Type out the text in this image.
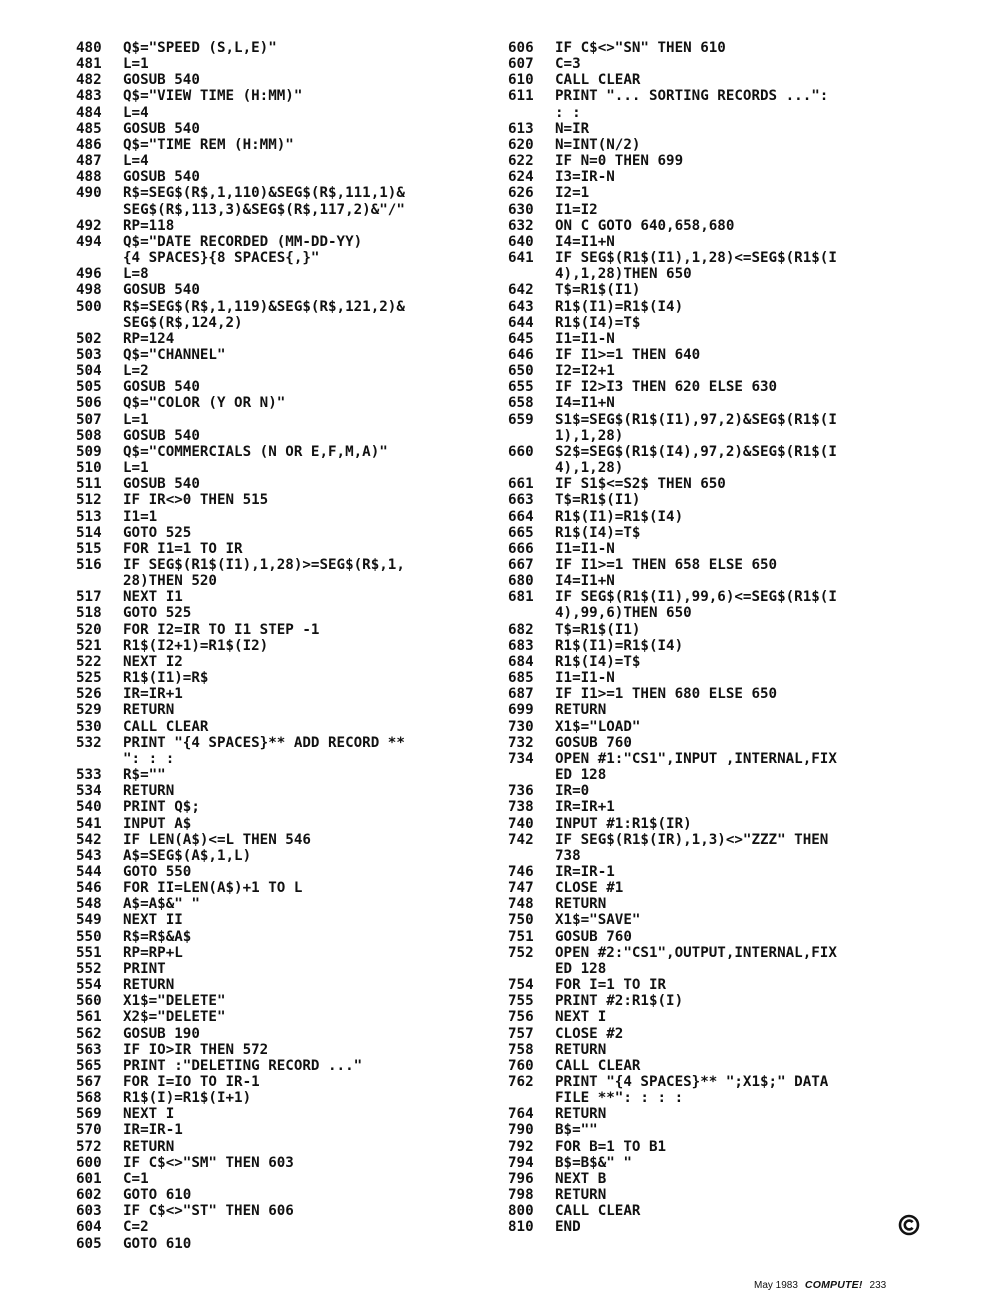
480	Q$="SPEED (S,L,E)"
481	L=1
482	GOSUB 540
483	Q$="VIEW TIME (H:MM)"
484	L=4
485	GOSUB 540
486	Q$="TIME REM (H:MM)"
487	L=4
488	GOSUB 540
490	R$=SEG$(R$,1,110)&SEG$(R$,111,1)&
SEG$(R$,113,3)&SEG$(R$,117,2)&"/"
492	RP=118
494	Q$="DATE RECORDED (MM-DD-YY)
{4 SPACES}{8 SPACES{,}"
496	L=8
498	GOSUB 540
500	R$=SEG$(R$,1,119)&SEG$(R$,121,2)&
SEG$(R$,124,2)
502	RP=124
503	Q$="CHANNEL"
504	L=2
505	GOSUB 540
506	Q$="COLOR (Y OR N)"
507	L=1
508	GOSUB 540
509	Q$="COMMERCIALS (N OR E,F,M,A)"
510	L=1
511	GOSUB 540
512	IF IR<>0 THEN 515
513	I1=1
514	GOTO 525
515	FOR I1=1 TO IR
516	IF SEG$(R1$(I1),1,28)>=SEG$(R$,1,
28)THEN 520
517	NEXT I1
518	GOTO 525
520	FOR I2=IR TO I1 STEP -1
521	R1$(I2+1)=R1$(I2)
522	NEXT I2
525	R1$(I1)=R$
526	IR=IR+1
529	RETURN
530	CALL CLEAR
532	PRINT "{4 SPACES}** ADD RECORD **
": : :
533	R$=""
534	RETURN
540	PRINT Q$;
541	INPUT A$
542	IF LEN(A$)<=L THEN 546
543	A$=SEG$(A$,1,L)
544	GOTO 550
546	FOR II=LEN(A$)+1 TO L
548	A$=A$&" "
549	NEXT II
550	R$=R$&A$
551	RP=RP+L
552	PRINT
554	RETURN
560	X1$="DELETE"
561	X2$="DELETE"
562	GOSUB 190
563	IF IO>IR THEN 572
565	PRINT :"DELETING RECORD ..."
567	FOR I=IO TO IR-1
568	R1$(I)=R1$(I+1)
569	NEXT I
570	IR=IR-1
572	RETURN
600	IF C$<>"SM" THEN 603
601	C=1
602	GOTO 610
603	IF C$<>"ST" THEN 606
604	C=2
605	GOTO 610
606	IF C$<>"SN" THEN 610
607	C=3
610	CALL CLEAR
611	PRINT "... SORTING RECORDS ...":
: :
613	N=IR
620	N=INT(N/2)
622	IF N=0 THEN 699
624	I3=IR-N
626	I2=1
630	I1=I2
632	ON C GOTO 640,658,680
640	I4=I1+N
641	IF SEG$(R1$(I1),1,28)<=SEG$(R1$(I
4),1,28)THEN 650
642	T$=R1$(I1)
643	R1$(I1)=R1$(I4)
644	R1$(I4)=T$
645	I1=I1-N
646	IF I1>=1 THEN 640
650	I2=I2+1
655	IF I2>I3 THEN 620 ELSE 630
658	I4=I1+N
659	S1$=SEG$(R1$(I1),97,2)&SEG$(R1$(I
1),1,28)
660	S2$=SEG$(R1$(I4),97,2)&SEG$(R1$(I
4),1,28)
661	IF S1$<=S2$ THEN 650
663	T$=R1$(I1)
664	R1$(I1)=R1$(I4)
665	R1$(I4)=T$
666	I1=I1-N
667	IF I1>=1 THEN 658 ELSE 650
680	I4=I1+N
681	IF SEG$(R1$(I1),99,6)<=SEG$(R1$(I
4),99,6)THEN 650
682	T$=R1$(I1)
683	R1$(I1)=R1$(I4)
684	R1$(I4)=T$
685	I1=I1-N
687	IF I1>=1 THEN 680 ELSE 650
699	RETURN
730	X1$="LOAD"
732	GOSUB 760
734	OPEN #1:"CS1",INPUT ,INTERNAL,FIX
ED 128
736	IR=0
738	IR=IR+1
740	INPUT #1:R1$(IR)
742	IF SEG$(R1$(IR),1,3)<>"ZZZ" THEN
738
746	IR=IR-1
747	CLOSE #1
748	RETURN
750	X1$="SAVE"
751	GOSUB 760
752	OPEN #2:"CS1",OUTPUT,INTERNAL,FIX
ED 128
754	FOR I=1 TO IR
755	PRINT #2:R1$(I)
756	NEXT I
757	CLOSE #2
758	RETURN
760	CALL CLEAR
762	PRINT "{4 SPACES}** ";X1$;" DATA
FILE **": : : :
764	RETURN
790	B$=""
792	FOR B=1 TO B1
794	B$=B$&" "
796	NEXT B
798	RETURN
800	CALL CLEAR
810	END
May 1983 COMPUTE! 233
